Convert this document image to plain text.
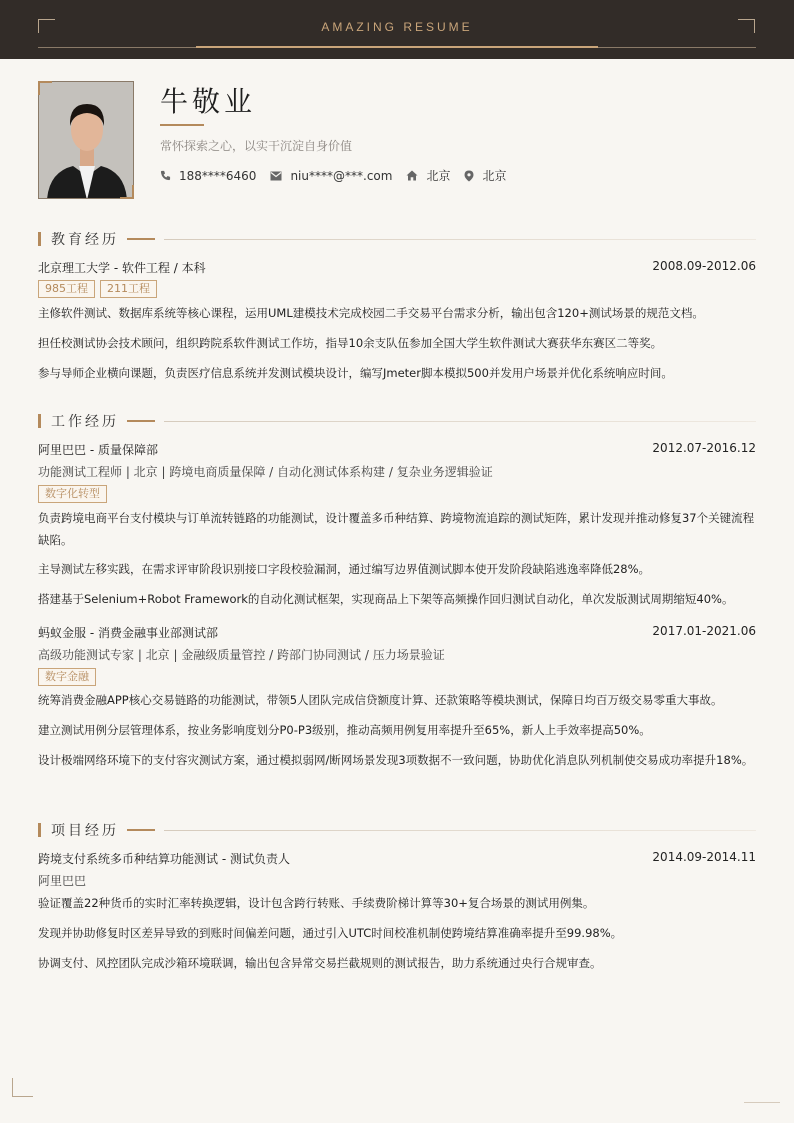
AMAZING RESUME
牛敬业
常怀探索之心，以实干沉淀自身价值
188****6460	niu****@***.com	北京	北京
教育经历
北京理工大学 - 软件工程 / 本科	2008.09-2012.06
985工程	211工程
主修软件测试、数据库系统等核心课程，运用UML建模技术完成校园二手交易平台需求分析，输出包含120+测试场景的规范文档。
担任校测试协会技术顾问，组织跨院系软件测试工作坊，指导10余支队伍参加全国大学生软件测试大赛获华东赛区二等奖。
参与导师企业横向课题，负责医疗信息系统并发测试模块设计，编写Jmeter脚本模拟500并发用户场景并优化系统响应时间。
工作经历
阿里巴巴 - 质量保障部	2012.07-2016.12
功能测试工程师 | 北京 | 跨境电商质量保障 / 自动化测试体系构建 / 复杂业务逻辑验证
数字化转型
负责跨境电商平台支付模块与订单流转链路的功能测试，设计覆盖多币种结算、跨境物流追踪的测试矩阵，累计发现并推动修复37个关键流程缺陷。
主导测试左移实践，在需求评审阶段识别接口字段校验漏洞，通过编写边界值测试脚本使开发阶段缺陷逃逸率降低28%。
搭建基于Selenium+Robot Framework的自动化测试框架，实现商品上下架等高频操作回归测试自动化，单次发版测试周期缩短40%。
蚂蚁金服 - 消费金融事业部测试部	2017.01-2021.06
高级功能测试专家 | 北京 | 金融级质量管控 / 跨部门协同测试 / 压力场景验证
数字金融
统筹消费金融APP核心交易链路的功能测试，带领5人团队完成信贷额度计算、还款策略等模块测试，保障日均百万级交易零重大事故。
建立测试用例分层管理体系，按业务影响度划分P0-P3级别，推动高频用例复用率提升至65%，新人上手效率提高50%。
设计极端网络环境下的支付容灾测试方案，通过模拟弱网/断网场景发现3项数据不一致问题，协助优化消息队列机制使交易成功率提升18%。
项目经历
跨境支付系统多币种结算功能测试 - 测试负责人	2014.09-2014.11
阿里巴巴
验证覆盖22种货币的实时汇率转换逻辑，设计包含跨行转账、手续费阶梯计算等30+复合场景的测试用例集。
发现并协助修复时区差异导致的到账时间偏差问题，通过引入UTC时间校准机制使跨境结算准确率提升至99.98%。
协调支付、风控团队完成沙箱环境联调，输出包含异常交易拦截规则的测试报告，助力系统通过央行合规审查。
